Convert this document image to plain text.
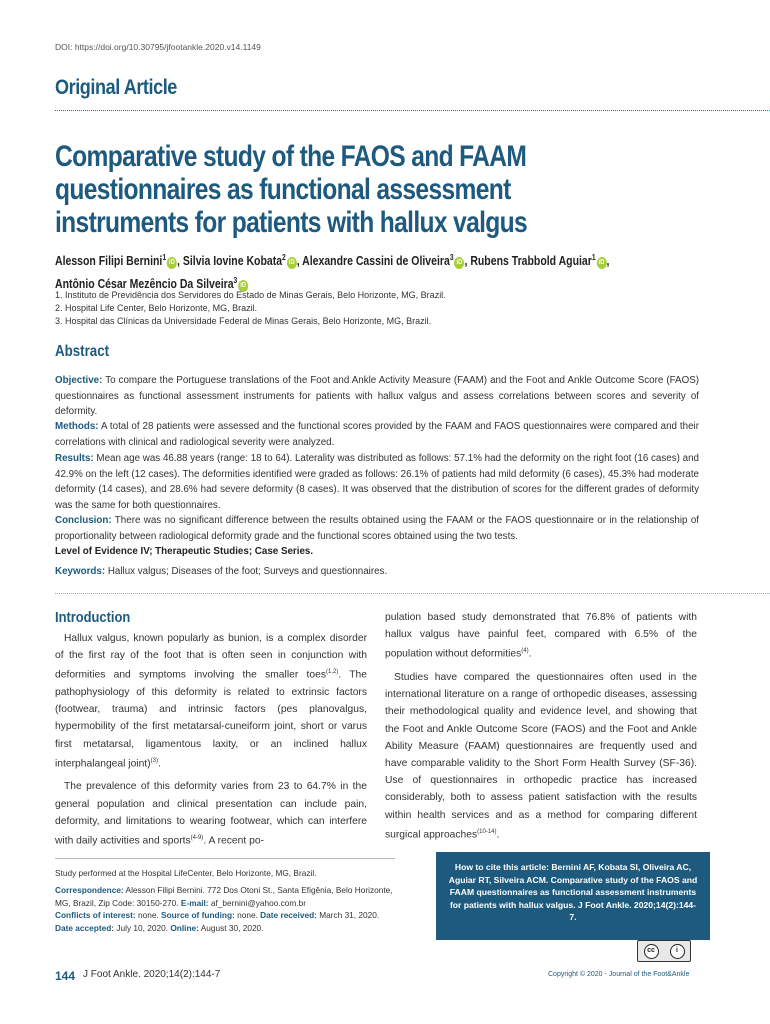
DOI: https://doi.org/10.30795/jfootankle.2020.v14.1149
Original Article
Comparative study of the FAOS and FAAM questionnaires as functional assessment instruments for patients with hallux valgus
Alesson Filipi Bernini$^1$iD , Silvia Iovine Kobata$^2$iD , Alexandre Cassini de Oliveira$^3$iD , Rubens Trabbold Aguiar$^1$iD ,
Antônio César Mezêncio Da Silveira$^3$iD
1. Instituto de Previdência dos Servidores do Estado de Minas Gerais, Belo Horizonte, MG, Brazil.
2. Hospital Life Center, Belo Horizonte, MG, Brazil.
3. Hospital das Clínicas da Universidade Federal de Minas Gerais, Belo Horizonte, MG, Brazil.
Abstract
Objective: To compare the Portuguese translations of the Foot and Ankle Activity Measure (FAAM) and the Foot and Ankle Outcome Score (FAOS) questionnaires as functional assessment instruments for patients with hallux valgus and assess correlations between scores and severity of deformity.
Methods: A total of 28 patients were assessed and the functional scores provided by the FAAM and FAOS questionnaires were compared and their correlations with clinical and radiological severity were analyzed.
Results: Mean age was 46.88 years (range: 18 to 64). Laterality was distributed as follows: 57.1% had the deformity on the right foot (16 cases) and 42.9% on the left (12 cases). The deformities identified were graded as follows: 26.1% of patients had mild deformity (6 cases), 45.3% had moderate deformity (14 cases), and 28.6% had severe deformity (8 cases). It was observed that the distribution of scores for the different grades of deformity was the same for both questionnaires.
Conclusion: There was no significant difference between the results obtained using the FAAM or the FAOS questionnaire or in the relationship of proportionality between radiological deformity grade and the functional scores obtained using the two tests.
Level of Evidence IV; Therapeutic Studies; Case Series.
Keywords: Hallux valgus; Diseases of the foot; Surveys and questionnaires.
Introduction

Hallux valgus, known popularly as bunion, is a complex disorder of the first ray of the foot that is often seen in conjunction with deformities and symptoms involving the smaller toes$^{(1,2)}$. The pathophysiology of this deformity is related to extrinsic factors (footwear, trauma) and intrinsic factors (pes planovalgus, hypermobility of the first metatarsal-cuneiform joint, short or varus first metatarsal, ligamentous laxity, or an inclined hallux interphalangeal joint)$^{(3)}$.

The prevalence of this deformity varies from 23 to 64.7% in the general population and clinical presentation can include pain, deformity, and limitations to wearing footwear, which can interfere with daily activities and sports$^{(4-9)}$. A recent po-

pulation based study demonstrated that 76.8% of patients with hallux valgus have painful feet, compared with 6.5% of the population without deformities$^{(4)}$.

Studies have compared the questionnaires often used in the international literature on a range of orthopedic diseases, assessing their methodological quality and evidence level, and showing that the Foot and Ankle Outcome Score (FAOS) and the Foot and Ankle Ability Measure (FAAM) questionnaires are frequently used and have comparable validity to the Short Form Health Survey (SF-36). Use of questionnaires in orthopedic practice has increased considerably, both to assess patient satisfaction with the results within health services and as a method for comparing different surgical approaches$^{(10-14)}$.

Study performed at the Hospital LifeCenter, Belo Horizonte, MG, Brazil.
Correspondence: Alesson Filipi Bernini. 772 Dos Otoni St., Santa Efigênia, Belo Horizonte, MG, Brazil, Zip Code: 30150-270. E-mail: af_bernini@yahoo.com.br
Conflicts of interest: none. Source of funding: none. Date received: March 31, 2020. Date accepted: July 10, 2020. Online: August 30, 2020.
How to cite this article: Bernini AF, Kobata SI, Oliveira AC, Aguiar RT, Silveira ACM. Comparative study of the FAOS and FAAM questionnaires as functional assessment instruments for patients with hallux valgus. J Foot Ankle. 2020;14(2):144-7.
cc	i
144 J Foot Ankle. 2020;14(2):144-7	Copyright © 2020 - Journal of the Foot&Ankle
